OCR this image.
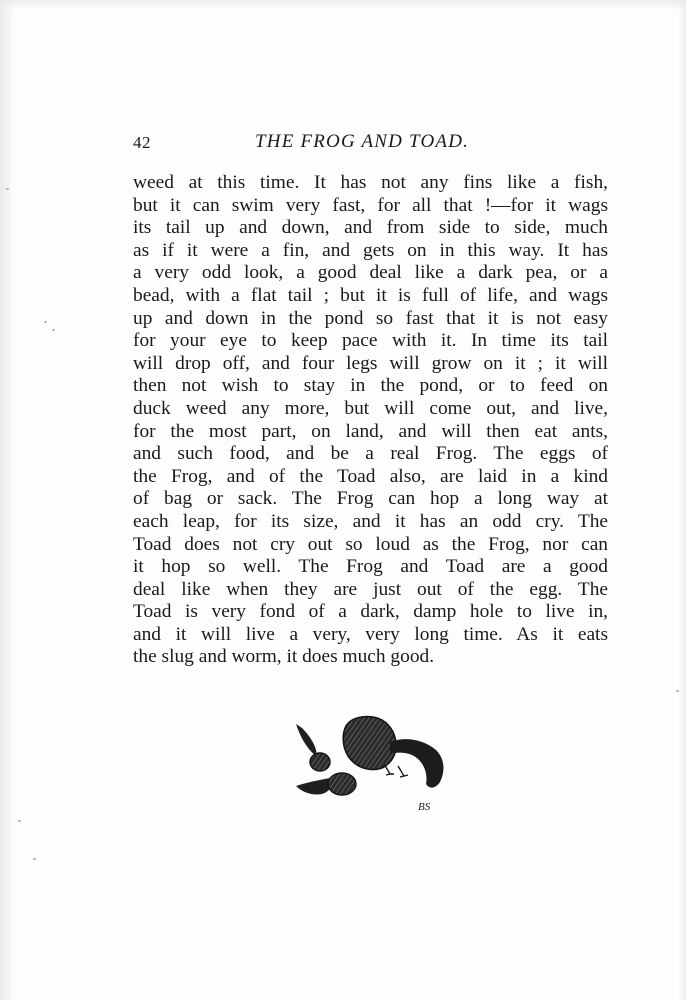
42	THE FROG AND TOAD.
weed at this time. It has not any fins like a fish,
but it can swim very fast, for all that !—for it wags
its tail up and down, and from side to side, much
as if it were a fin, and gets on in this way. It has
a very odd look, a good deal like a dark pea, or a
bead, with a flat tail ; but it is full of life, and wags
up and down in the pond so fast that it is not easy
for your eye to keep pace with it. In time its tail
will drop off, and four legs will grow on it ; it will
then not wish to stay in the pond, or to feed on
duck weed any more, but will come out, and live,
for the most part, on land, and will then eat ants,
and such food, and be a real Frog. The eggs of
the Frog, and of the Toad also, are laid in a kind
of bag or sack. The Frog can hop a long way at
each leap, for its size, and it has an odd cry. The
Toad does not cry out so loud as the Frog, nor can
it hop so well. The Frog and Toad are a good
deal like when they are just out of the egg. The
Toad is very fond of a dark, damp hole to live in,
and it will live a very, very long time. As it eats
the slug and worm, it does much good.
BS
